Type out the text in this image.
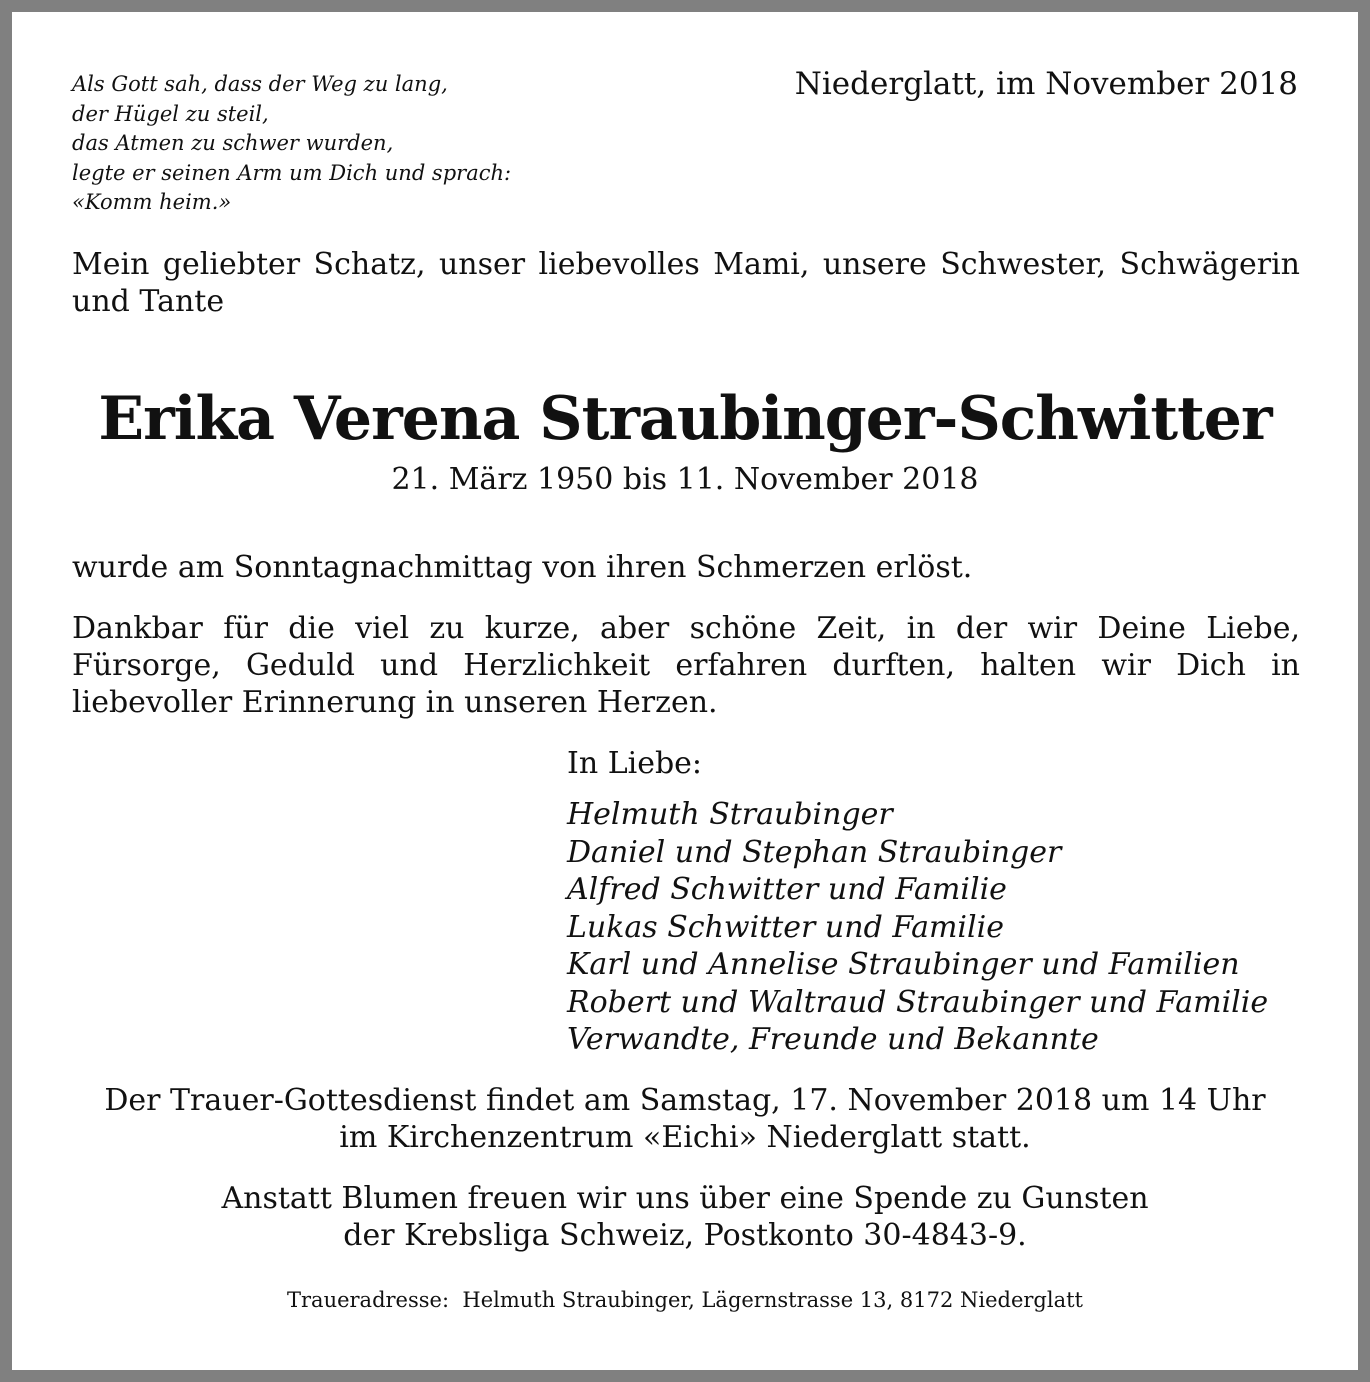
Als Gott sah, dass der Weg zu lang,
der Hügel zu steil,
das Atmen zu schwer wurden,
legte er seinen Arm um Dich und sprach:
«Komm heim.»
Niederglatt, im November 2018
Mein geliebter Schatz, unser liebevolles Mami, unsere Schwester, Schwägerin und Tante
Erika Verena Straubinger-Schwitter
21. März 1950 bis 11. November 2018
wurde am Sonntagnachmittag von ihren Schmerzen erlöst.
Dankbar für die viel zu kurze, aber schöne Zeit, in der wir Deine Liebe, Fürsorge, Geduld und Herzlichkeit erfahren durften, halten wir Dich in liebevoller Erinnerung in unseren Herzen.
In Liebe:
Helmuth Straubinger
Daniel und Stephan Straubinger
Alfred Schwitter und Familie
Lukas Schwitter und Familie
Karl und Annelise Straubinger und Familien
Robert und Waltraud Straubinger und Familie
Verwandte, Freunde und Bekannte
Der Trauer-Gottesdienst findet am Samstag, 17. November 2018 um 14 Uhr
im Kirchenzentrum «Eichi» Niederglatt statt.
Anstatt Blumen freuen wir uns über eine Spende zu Gunsten
der Krebsliga Schweiz, Postkonto 30-4843-9.
Traueradresse:  Helmuth Straubinger, Lägernstrasse 13, 8172 Niederglatt
